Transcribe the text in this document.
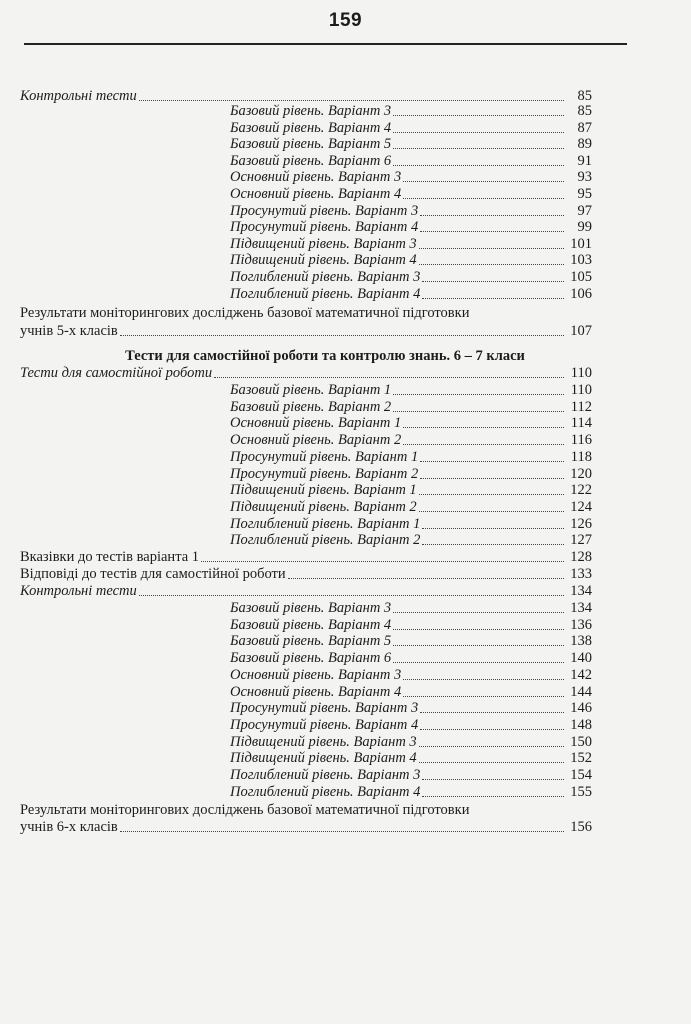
159
Контрольні тести	85
Базовий рівень. Варіант 3	85
Базовий рівень. Варіант 4	87
Базовий рівень. Варіант 5	89
Базовий рівень. Варіант 6	91
Основний рівень. Варіант 3	93
Основний рівень. Варіант 4	95
Просунутий рівень. Варіант 3	97
Просунутий рівень. Варіант 4	99
Підвищений рівень. Варіант 3	101
Підвищений рівень. Варіант 4	103
Поглиблений рівень. Варіант 3	105
Поглиблений рівень. Варіант 4	106
Результати моніторингових досліджень базової математичної підготовки
учнів 5-х класів	107
Тести для самостійної роботи та контролю знань. 6 – 7 класи
Тести для самостійної роботи	110
Базовий рівень. Варіант 1	110
Базовий рівень. Варіант 2	112
Основний рівень. Варіант 1	114
Основний рівень. Варіант 2	116
Просунутий рівень. Варіант 1	118
Просунутий рівень. Варіант 2	120
Підвищений рівень. Варіант 1	122
Підвищений рівень. Варіант 2	124
Поглиблений рівень. Варіант 1	126
Поглиблений рівень. Варіант 2	127
Вказівки до тестів варіанта 1	128
Відповіді до тестів для самостійної роботи	133
Контрольні тести	134
Базовий рівень. Варіант 3	134
Базовий рівень. Варіант 4	136
Базовий рівень. Варіант 5	138
Базовий рівень. Варіант 6	140
Основний рівень. Варіант 3	142
Основний рівень. Варіант 4	144
Просунутий рівень. Варіант 3	146
Просунутий рівень. Варіант 4	148
Підвищений рівень. Варіант 3	150
Підвищений рівень. Варіант 4	152
Поглиблений рівень. Варіант 3	154
Поглиблений рівень. Варіант 4	155
Результати моніторингових досліджень базової математичної підготовки
учнів 6-х класів	156
